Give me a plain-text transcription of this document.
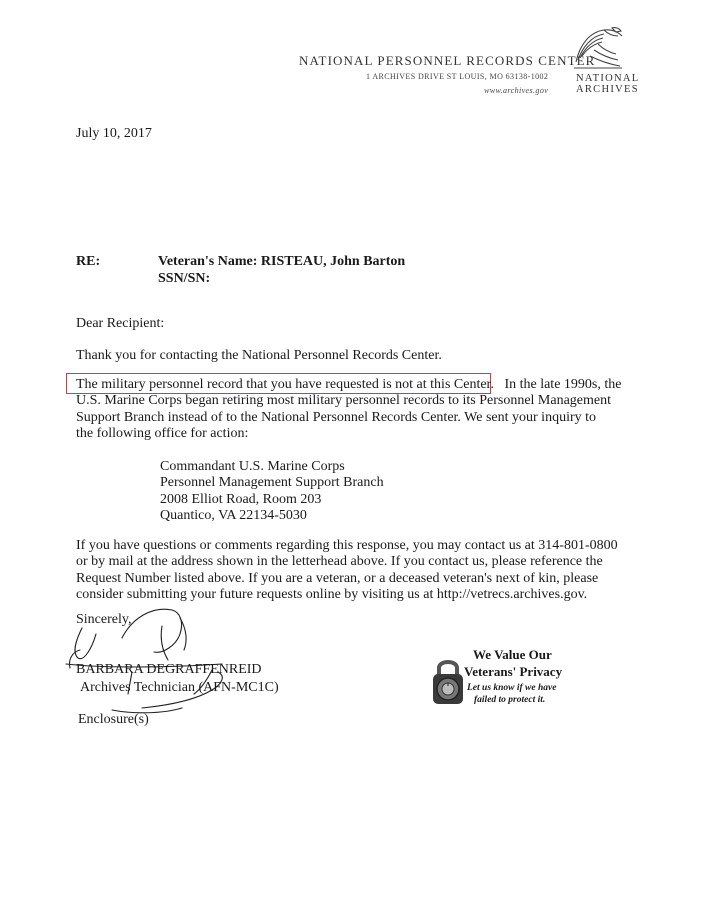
NATIONAL PERSONNEL RECORDS CENTER
1 ARCHIVES DRIVE ST LOUIS, MO 63138-1002
www.archives.gov
NATIONAL
ARCHIVES
July 10, 2017
RE:	Veteran's Name: RISTEAU, John Barton
SSN/SN:
Dear Recipient:
Thank you for contacting the National Personnel Records Center.
The military personnel record that you have requested is not at this Center. In the late 1990s, the
U.S. Marine Corps began retiring most military personnel records to its Personnel Management
Support Branch instead of to the National Personnel Records Center. We sent your inquiry to
the following office for action:
Commandant U.S. Marine Corps
Personnel Management Support Branch
2008 Elliot Road, Room 203
Quantico, VA 22134-5030
If you have questions or comments regarding this response, you may contact us at 314-801-0800
or by mail at the address shown in the letterhead above. If you contact us, please reference the
Request Number listed above. If you are a veteran, or a deceased veteran's next of kin, please
consider submitting your future requests online by visiting us at http://vetrecs.archives.gov.
Sincerely,
BARBARA DEGRAFFENREID
Archives Technician (AFN-MC1C)
Enclosure(s)
We Value Our
Veterans' Privacy
Let us know if we have
failed to protect it.
